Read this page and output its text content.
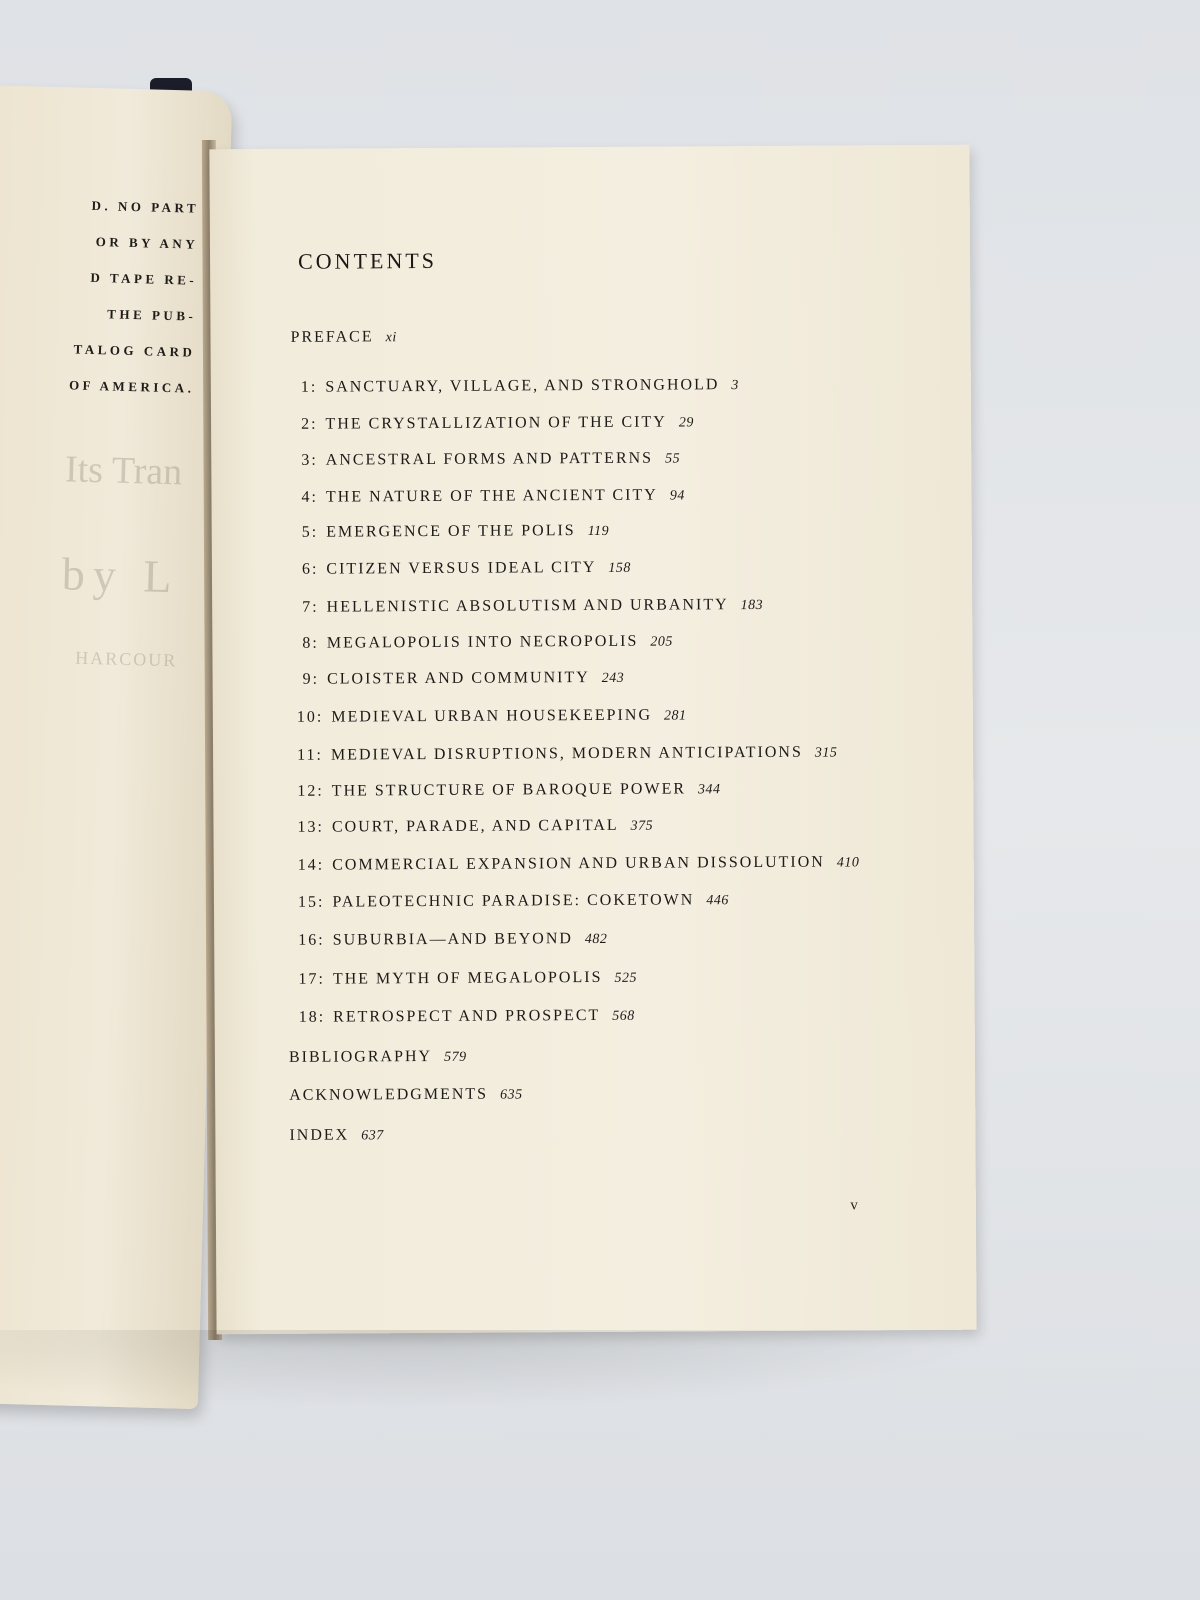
D. NO PART
OR BY ANY
D TAPE RE-
THE PUB-
TALOG CARD
OF AMERICA.
Its Tran
by L
HARCOUR
CONTENTS
PREFACE xi
1: SANCTUARY, VILLAGE, AND STRONGHOLD 3
2: THE CRYSTALLIZATION OF THE CITY 29
3: ANCESTRAL FORMS AND PATTERNS 55
4: THE NATURE OF THE ANCIENT CITY 94
5: EMERGENCE OF THE POLIS 119
6: CITIZEN VERSUS IDEAL CITY 158
7: HELLENISTIC ABSOLUTISM AND URBANITY 183
8: MEGALOPOLIS INTO NECROPOLIS 205
9: CLOISTER AND COMMUNITY 243
10: MEDIEVAL URBAN HOUSEKEEPING 281
11: MEDIEVAL DISRUPTIONS, MODERN ANTICIPATIONS 315
12: THE STRUCTURE OF BAROQUE POWER 344
13: COURT, PARADE, AND CAPITAL 375
14: COMMERCIAL EXPANSION AND URBAN DISSOLUTION 410
15: PALEOTECHNIC PARADISE: COKETOWN 446
16: SUBURBIA—AND BEYOND 482
17: THE MYTH OF MEGALOPOLIS 525
18: RETROSPECT AND PROSPECT 568
BIBLIOGRAPHY 579
ACKNOWLEDGMENTS 635
INDEX 637
v
